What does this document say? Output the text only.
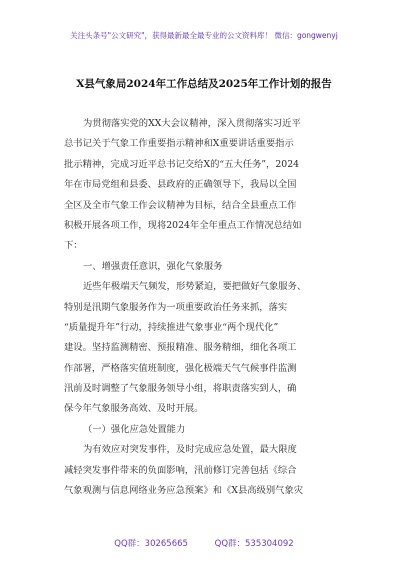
关注头条号"公文研究"，获得最新最全最专业的公文资料库！ 微信：gongwenyj
X县气象局2024年工作总结及2025年工作计划的报告
为贯彻落实党的XX大会议精神，深入贯彻落实习近平
总书记关于气象工作重要指示精神和X重要讲话重要指示
批示精神，完成习近平总书记交给X的“五大任务”，2024
年在市局党组和县委、县政府的正确领导下，我局以全国
全区及全市气象工作会议精神为目标，结合全县重点工作
积极开展各项工作，现将2024年全年重点工作情况总结如
下：
一、增强责任意识，强化气象服务
近些年极端天气频发，形势紧迫，要把做好气象服务、
特别是汛期气象服务作为一项重要政治任务来抓，落实
“质量提升年”行动，持续推进气象事业“两个现代化”
建设。坚持监测精密、预报精准、服务精细，细化各项工
作部署，严格落实值班制度，强化极端天气气候事件监测
汛前及时调整了气象服务领导小组，将职责落实到人，确
保今年气象服务高效、及时开展。
（一）强化应急处置能力
为有效应对突发事件，及时完成应急处置，最大限度
减轻突发事件带来的负面影响，汛前修订完善包括《综合
气象观测与信息网络业务应急预案》和《X县高级别气象灾
QQ群：30265665	QQ群：535304092
